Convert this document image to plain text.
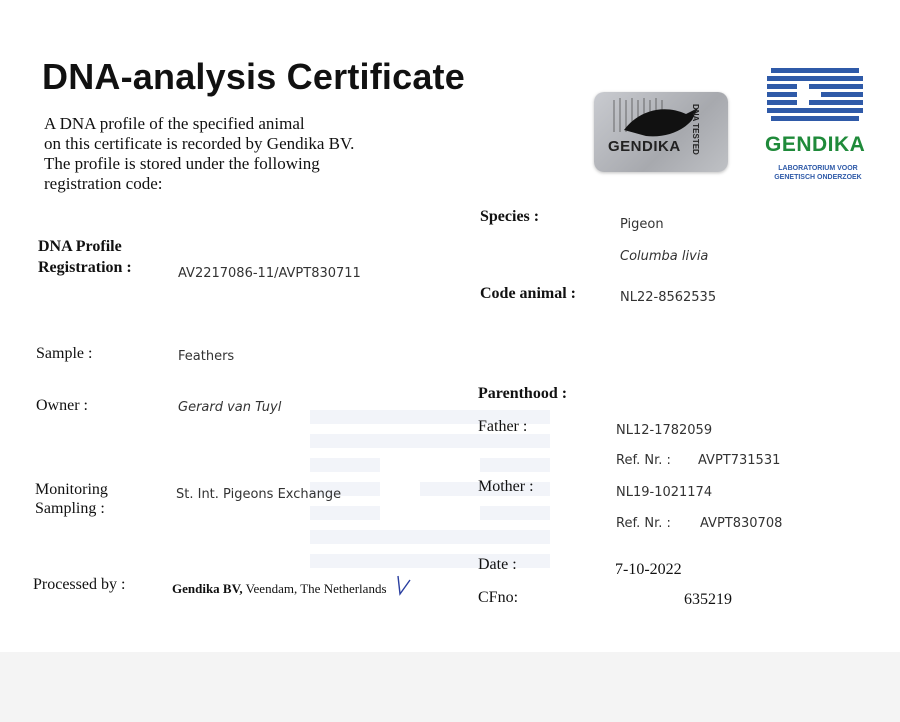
DNA-analysis Certificate
A DNA profile of the specified animal
on this certificate is recorded by Gendika BV.
The profile is stored under the following
registration code:
GENDIKA DNA TESTED	GENDIKA
LABORATORIUM VOOR GENETISCH ONDERZOEK
DNA Profile
Registration :	AV2217086-11/AVPT830711
Sample :	Feathers
Owner :	Gerard van Tuyl
Monitoring
Sampling :
St. Int. Pigeons Exchange
Processed by :	Gendika BV, Veendam, The Netherlands
Species :	Pigeon
Columba livia
Code animal :	NL22-8562535
Parenthood :
Father :	NL12-1782059
Ref. Nr. : AVPT731531
Mother :	NL19-1021174
Ref. Nr. : AVPT830708
Date :	7-10-2022
CFno:	635219
